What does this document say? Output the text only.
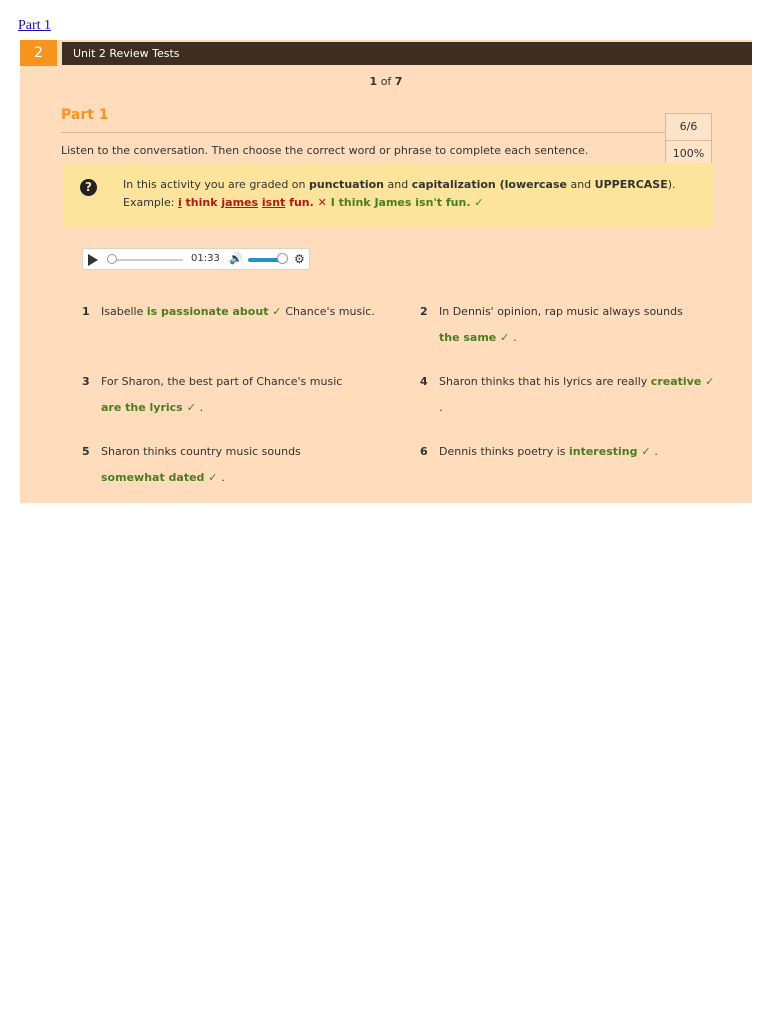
Part 1
2	Unit 2 Review Tests
1 of 7
Part 1
6/6
100%
Listen to the conversation. Then choose the correct word or phrase to complete each sentence.
?	In this activity you are graded on punctuation and capitalization (lowercase and UPPERCASE).
Example: i think james isnt fun. ✕ I think James isn't fun. ✓
01:33 🔊	⚙
1 Isabelle is passionate about ✓ Chance's music.	2 In Dennis' opinion, rap music always sounds
the same ✓ .
3 For Sharon, the best part of Chance's music
are the lyrics ✓ .
4 Sharon thinks that his lyrics are really creative ✓
.
5 Sharon thinks country music sounds
somewhat dated ✓ .
6 Dennis thinks poetry is interesting ✓ .
